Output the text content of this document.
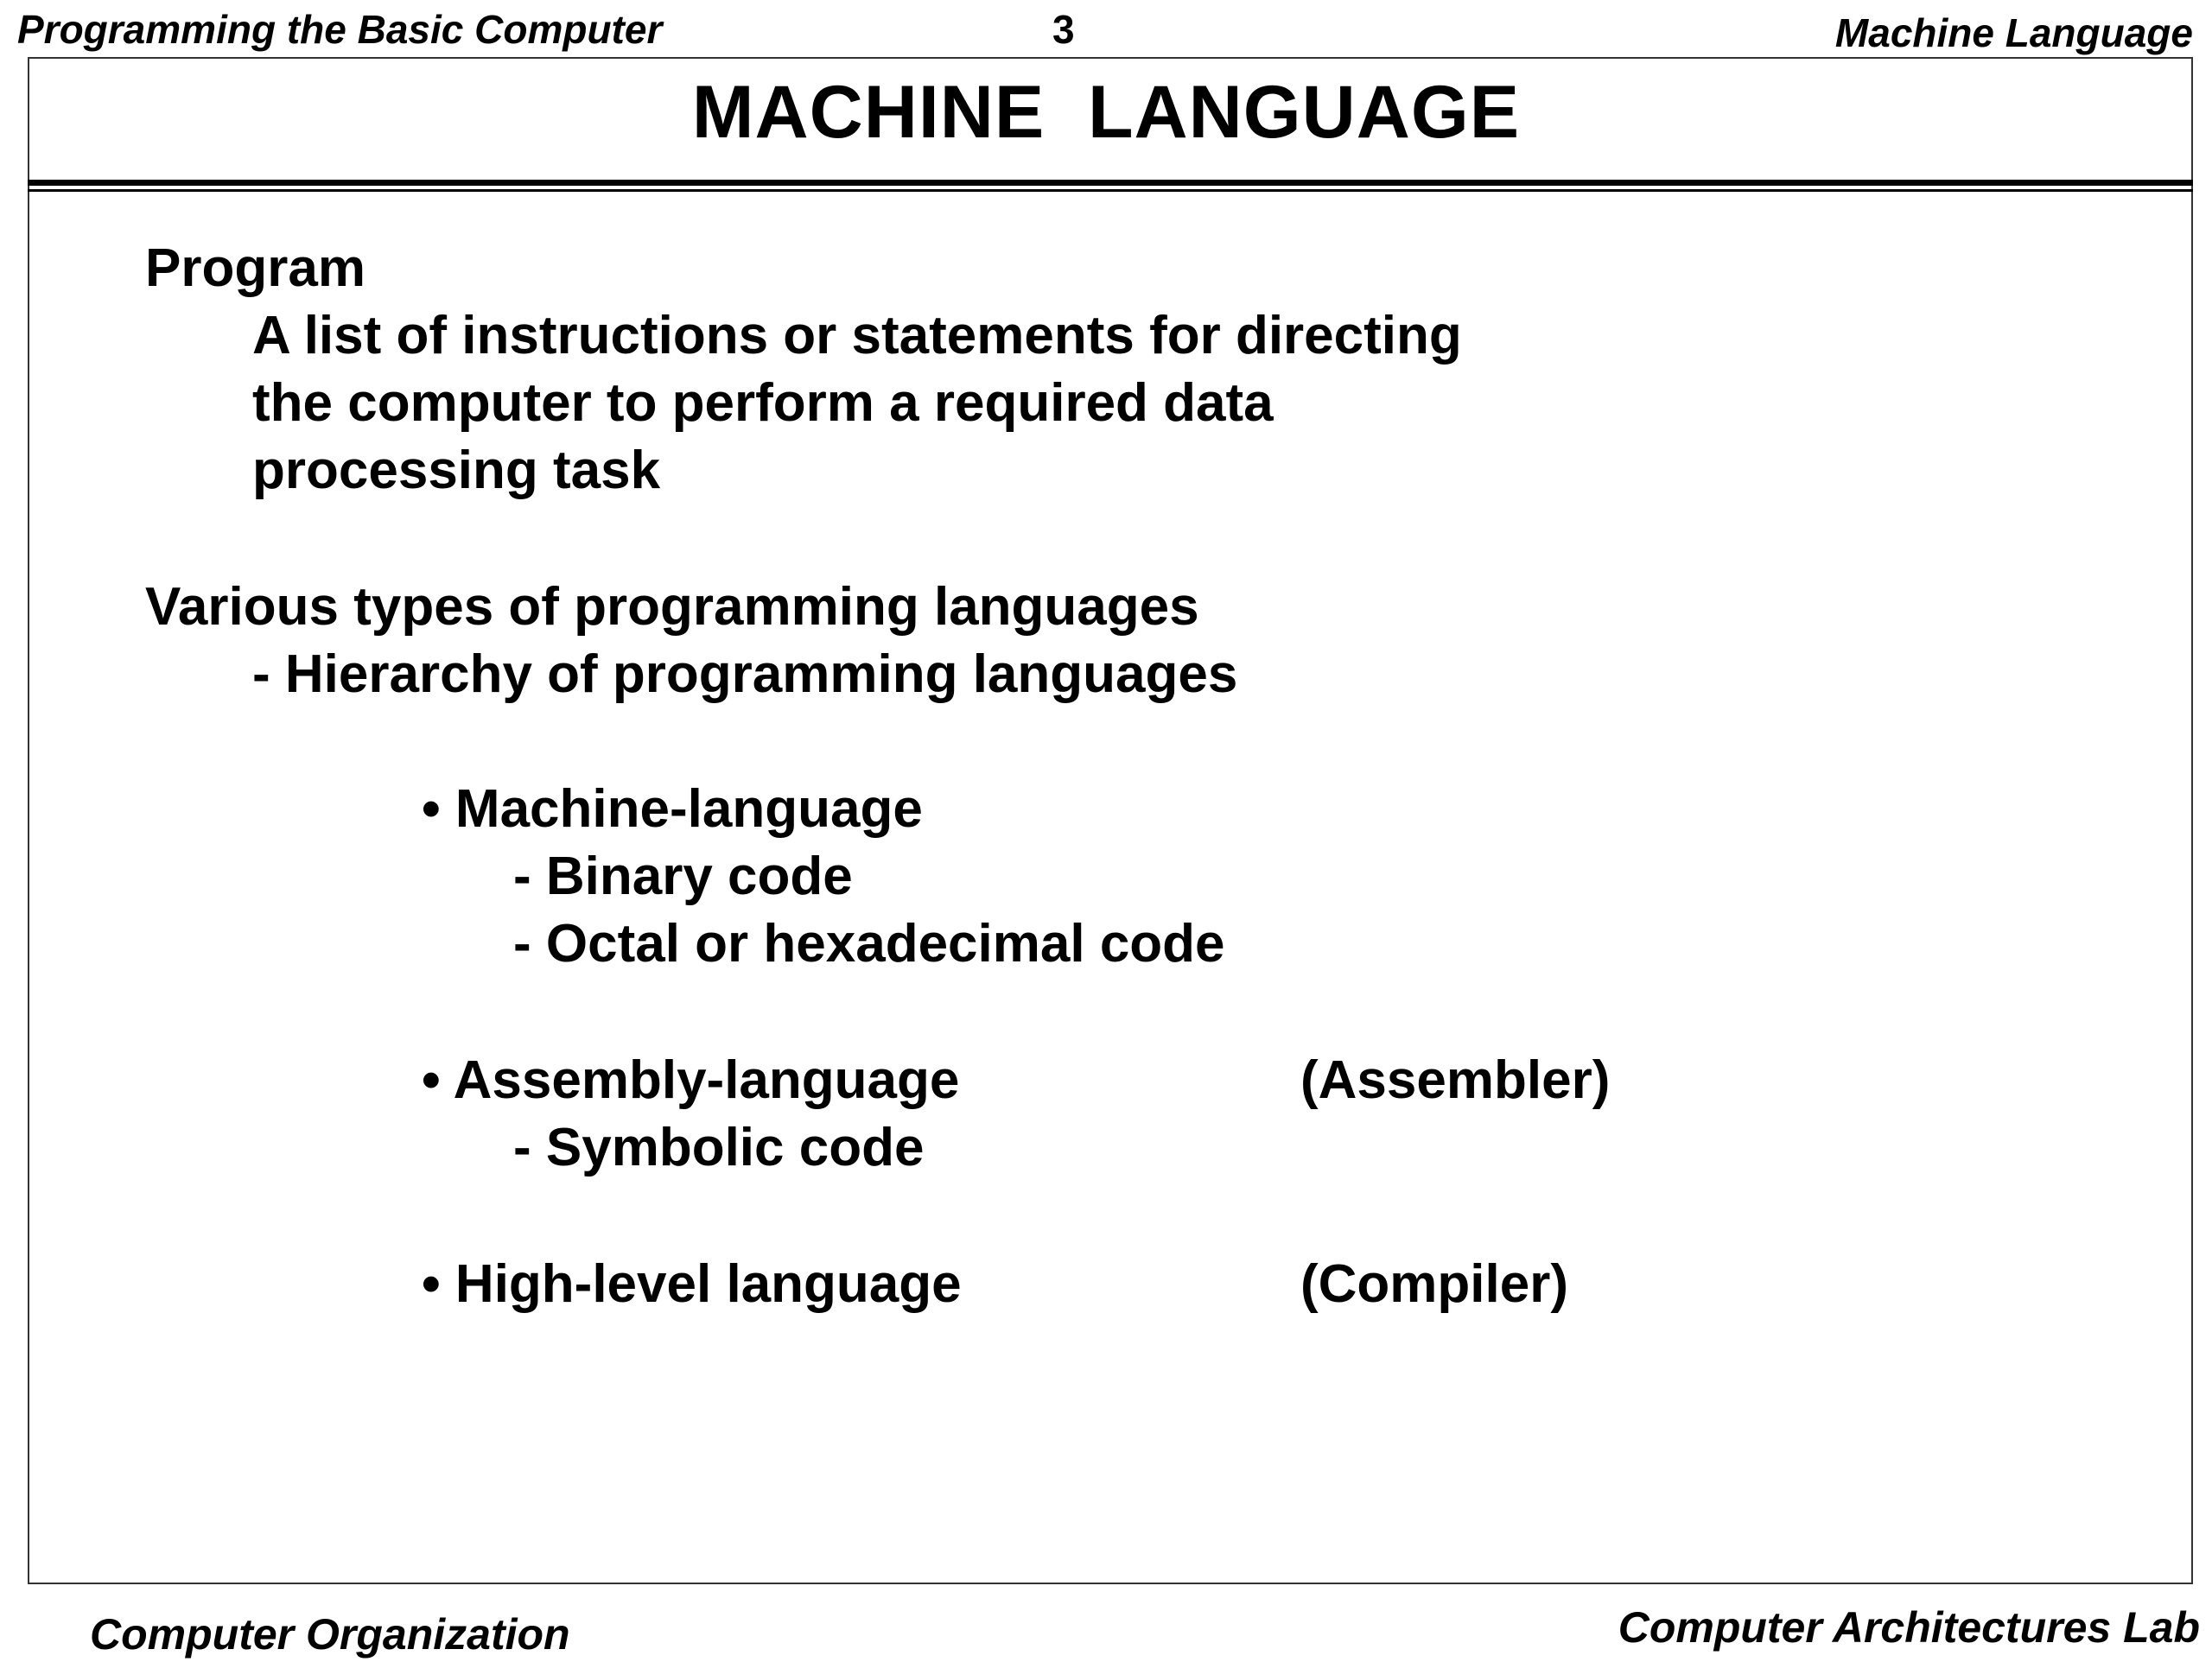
Programming the Basic Computer	3	Machine Language
MACHINE  LANGUAGE
Program
A list of instructions or statements for directing
the computer to perform a required data
processing task
Various types of programming languages
- Hierarchy of programming languages
• Machine-language
- Binary code
- Octal or hexadecimal code
• Assembly-language	(Assembler)
- Symbolic code
• High-level language	(Compiler)
Computer Organization	Computer Architectures Lab
